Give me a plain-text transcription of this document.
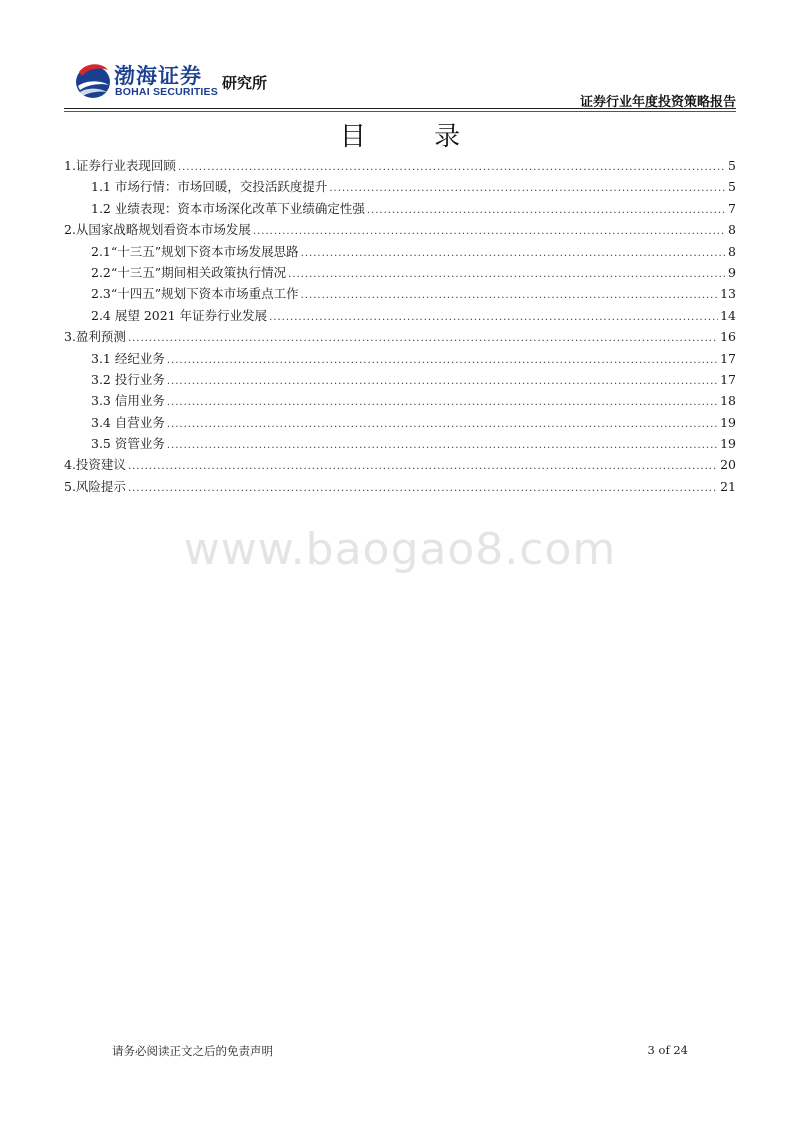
渤海证券
BOHAI SECURITIES 研究所
证券行业年度投资策略报告
目 录
1.证券行业表现回顾 .....	5
1.1 市场行情：市场回暖，交投活跃度提升 .....	5
1.2 业绩表现：资本市场深化改革下业绩确定性强 .....	7
2.从国家战略规划看资本市场发展 .....	8
2.1“十三五”规划下资本市场发展思路 .....	8
2.2“十三五”期间相关政策执行情况 .....	9
2.3“十四五”规划下资本市场重点工作 .....	13
2.4 展望 2021 年证券行业发展 .....	14
3.盈利预测 .....	16
3.1 经纪业务 .....	17
3.2 投行业务 .....	17
3.3 信用业务 .....	18
3.4 自营业务 .....	19
3.5 资管业务 .....	19
4.投资建议 .....	20
5.风险提示 .....	21
www.baogao8.com
请务必阅读正文之后的免责声明	3 of 24
